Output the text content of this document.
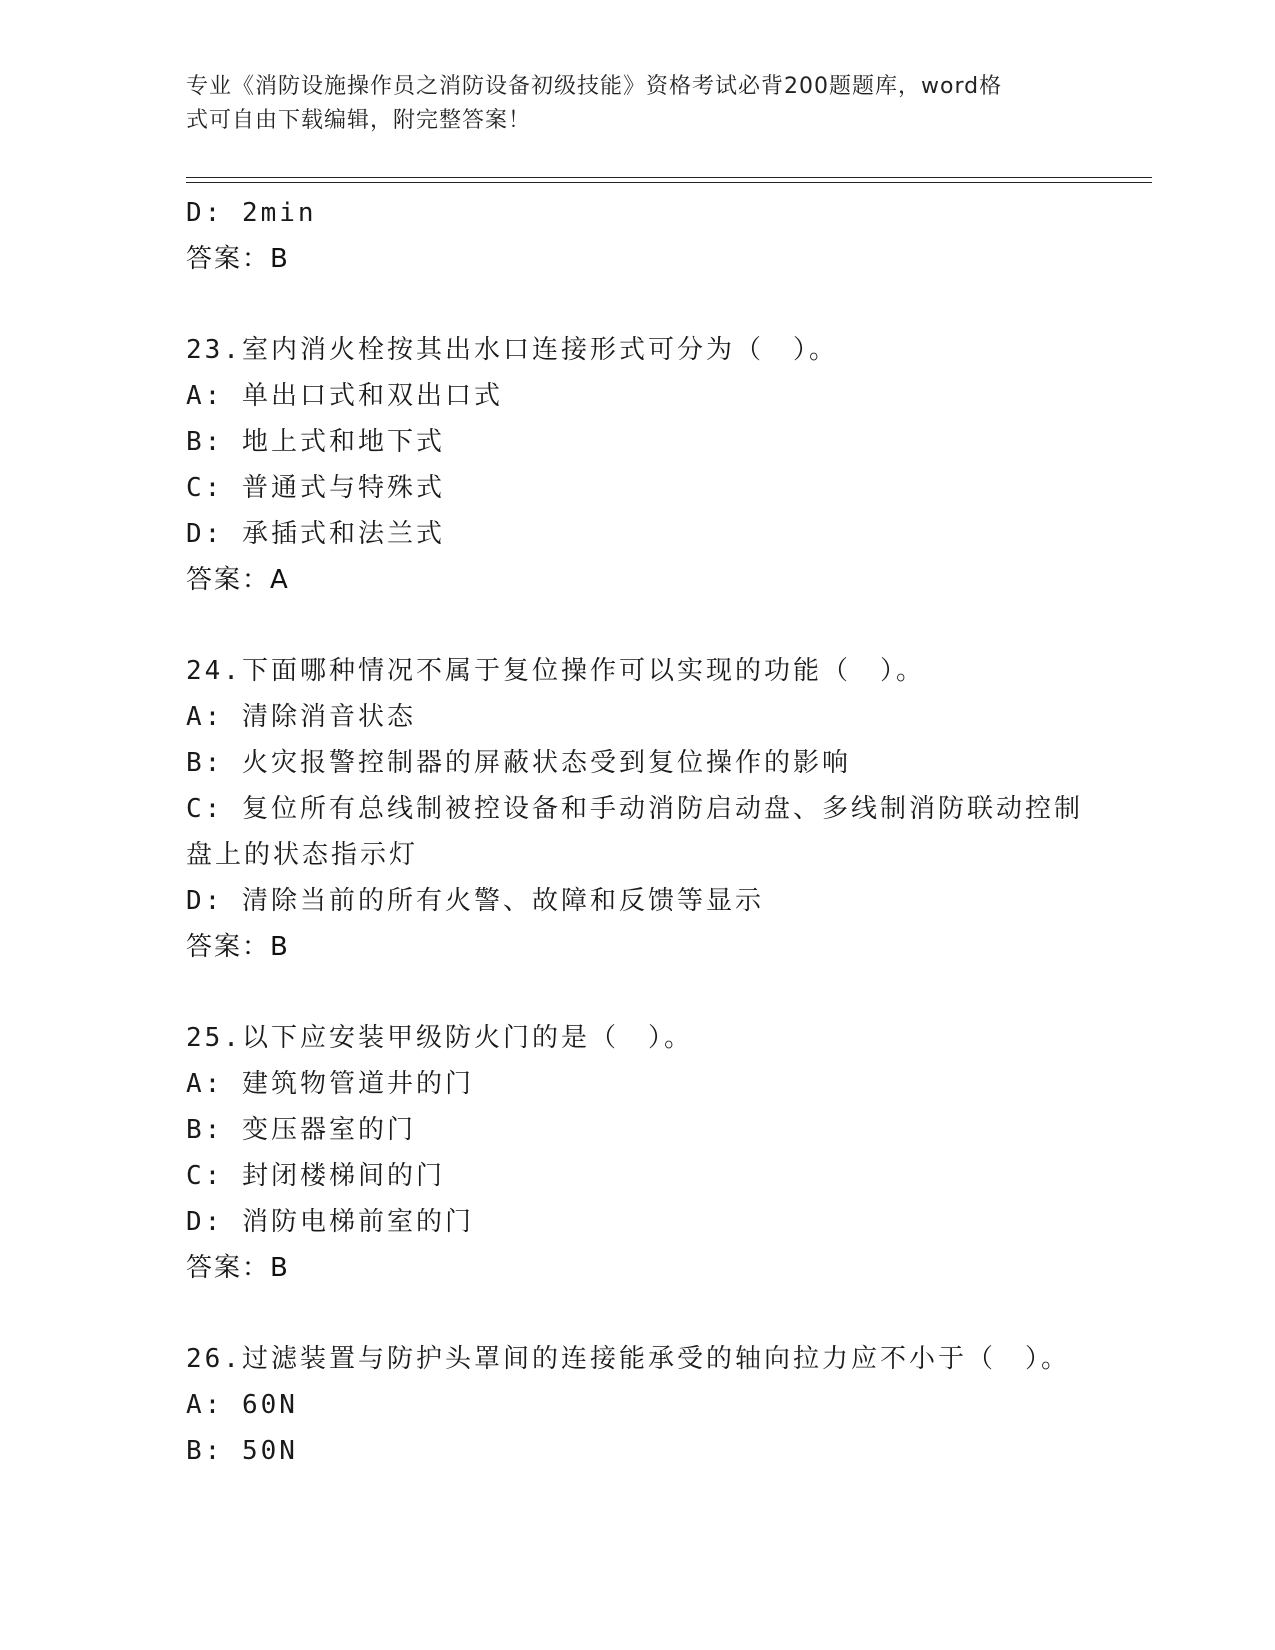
专业《消防设施操作员之消防设备初级技能》资格考试必背200题题库，word格
式可自由下载编辑，附完整答案！
D: 2min
答案：B
23.室内消火栓按其出水口连接形式可分为（　）。
A: 单出口式和双出口式
B: 地上式和地下式
C: 普通式与特殊式
D: 承插式和法兰式
答案：A
24.下面哪种情况不属于复位操作可以实现的功能（　）。
A: 清除消音状态
B: 火灾报警控制器的屏蔽状态受到复位操作的影响
C: 复位所有总线制被控设备和手动消防启动盘、多线制消防联动控制
盘上的状态指示灯
D: 清除当前的所有火警、故障和反馈等显示
答案：B
25.以下应安装甲级防火门的是（　）。
A: 建筑物管道井的门
B: 变压器室的门
C: 封闭楼梯间的门
D: 消防电梯前室的门
答案：B
26.过滤装置与防护头罩间的连接能承受的轴向拉力应不小于（　）。
A: 60N
B: 50N
